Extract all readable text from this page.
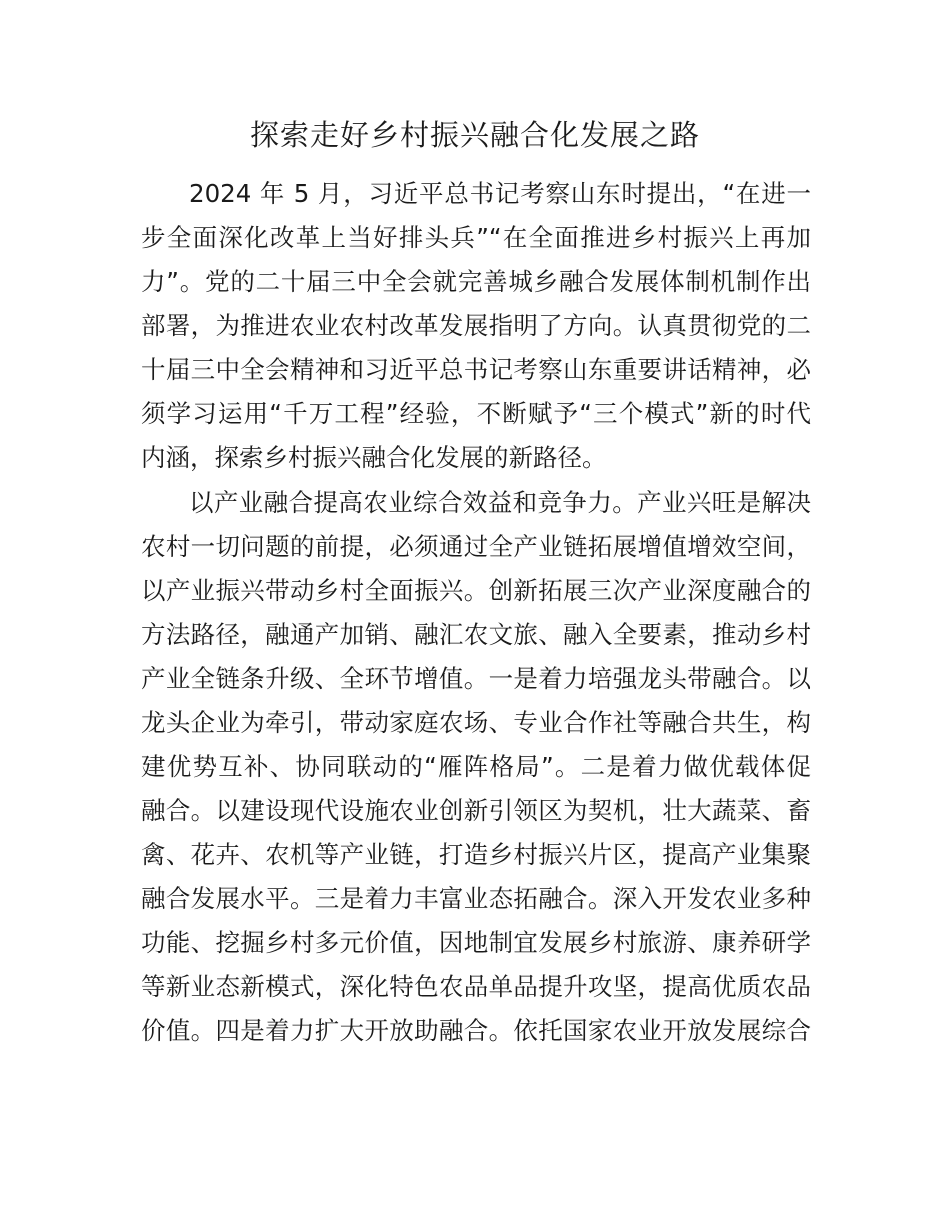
探索走好乡村振兴融合化发展之路
2024 年 5 月，习近平总书记考察山东时提出，“在进一
步全面深化改革上当好排头兵”“在全面推进乡村振兴上再加
力”。党的二十届三中全会就完善城乡融合发展体制机制作出
部署，为推进农业农村改革发展指明了方向。认真贯彻党的二
十届三中全会精神和习近平总书记考察山东重要讲话精神，必
须学习运用“千万工程”经验，不断赋予“三个模式”新的时代
内涵，探索乡村振兴融合化发展的新路径。
以产业融合提高农业综合效益和竞争力。产业兴旺是解决
农村一切问题的前提，必须通过全产业链拓展增值增效空间，
以产业振兴带动乡村全面振兴。创新拓展三次产业深度融合的
方法路径，融通产加销、融汇农文旅、融入全要素，推动乡村
产业全链条升级、全环节增值。一是着力培强龙头带融合。以
龙头企业为牵引，带动家庭农场、专业合作社等融合共生，构
建优势互补、协同联动的“雁阵格局”。二是着力做优载体促
融合。以建设现代设施农业创新引领区为契机，壮大蔬菜、畜
禽、花卉、农机等产业链，打造乡村振兴片区，提高产业集聚
融合发展水平。三是着力丰富业态拓融合。深入开发农业多种
功能、挖掘乡村多元价值，因地制宜发展乡村旅游、康养研学
等新业态新模式，深化特色农品单品提升攻坚，提高优质农品
价值。四是着力扩大开放助融合。依托国家农业开放发展综合
